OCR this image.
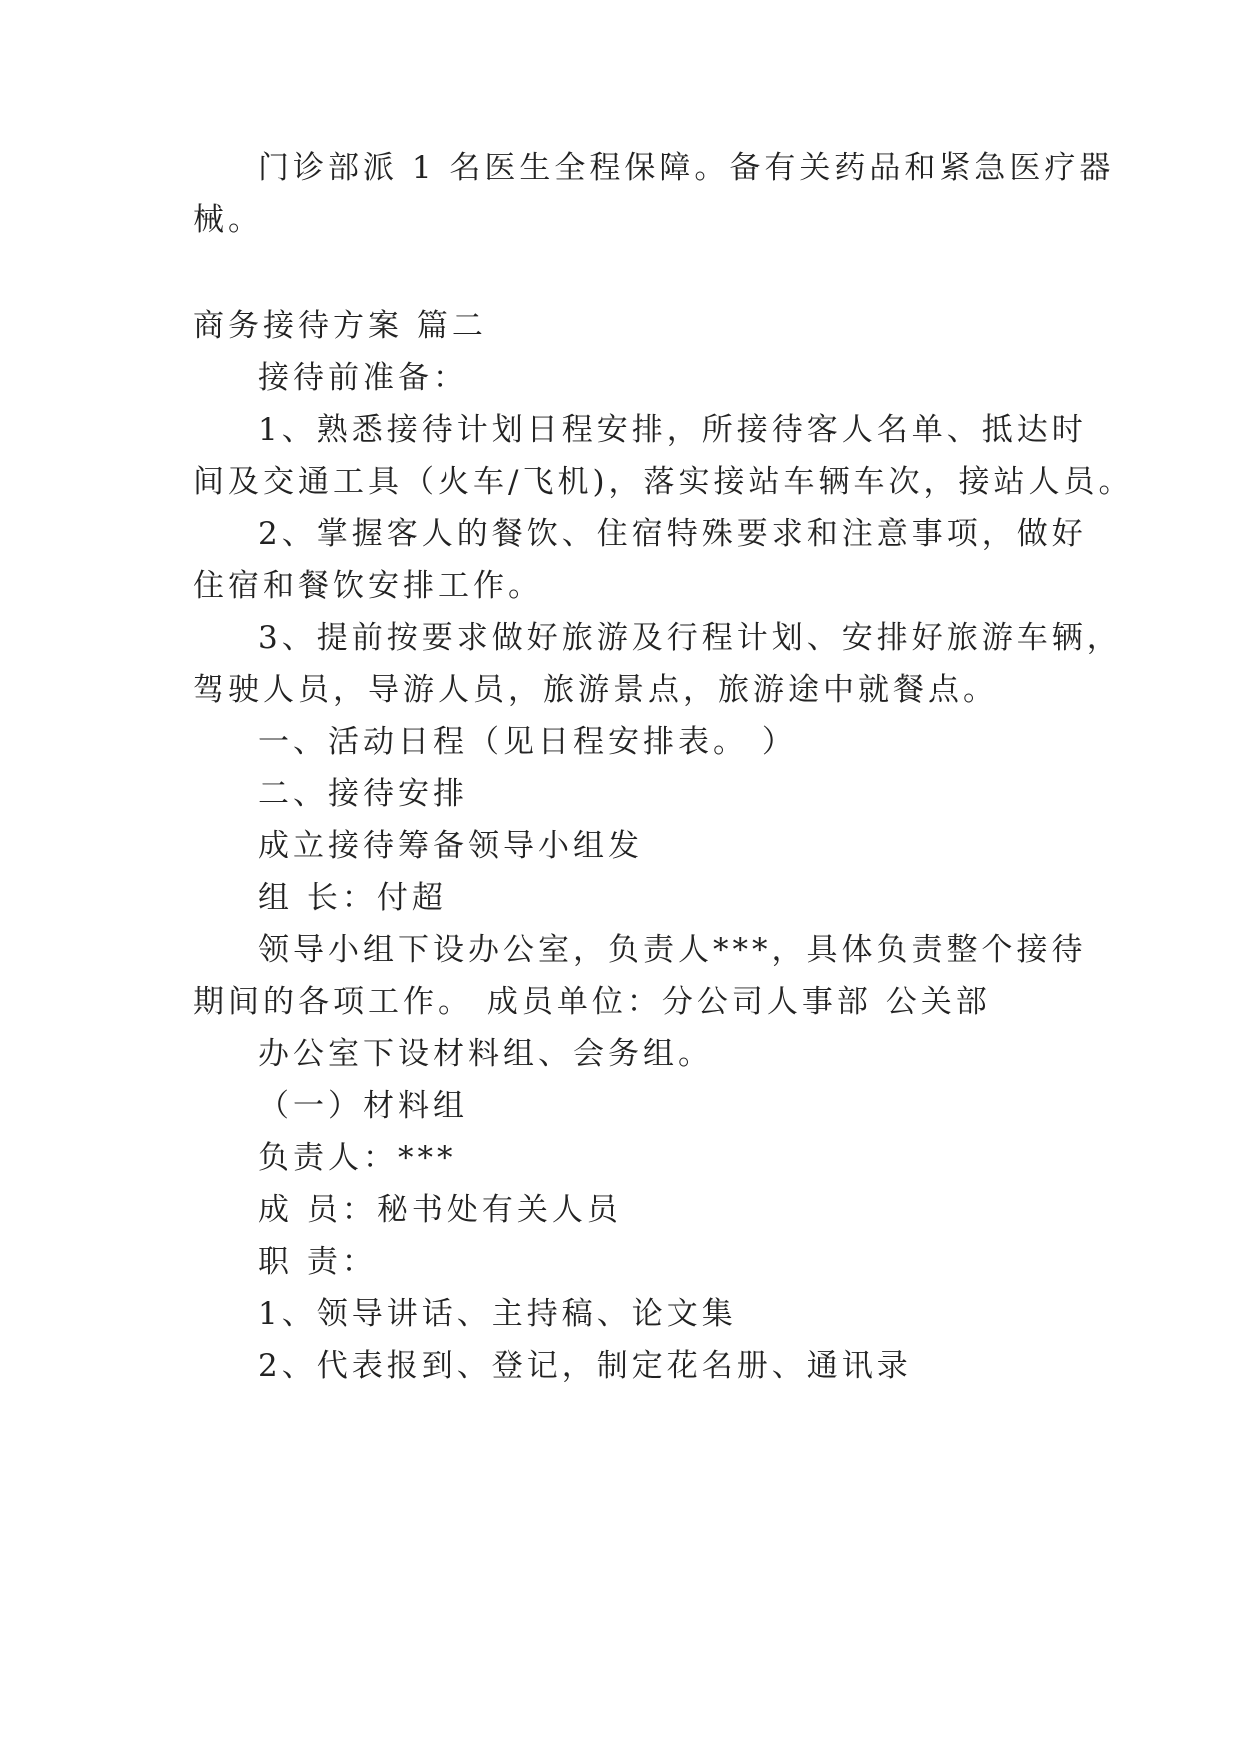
门诊部派 1 名医生全程保障。备有关药品和紧急医疗器
械。
商务接待方案 篇二
接待前准备：
1、熟悉接待计划日程安排，所接待客人名单、抵达时
间及交通工具（火车/飞机)，落实接站车辆车次，接站人员。
2、掌握客人的餐饮、住宿特殊要求和注意事项，做好
住宿和餐饮安排工作。
3、提前按要求做好旅游及行程计划、安排好旅游车辆，
驾驶人员，导游人员，旅游景点，旅游途中就餐点。
一、活动日程（见日程安排表。 ）
二、接待安排
成立接待筹备领导小组发
组 长：付超
领导小组下设办公室，负责人***，具体负责整个接待
期间的各项工作。 成员单位：分公司人事部 公关部
办公室下设材料组、会务组。
（一）材料组
负责人：***
成 员：秘书处有关人员
职 责：
1、领导讲话、主持稿、论文集
2、代表报到、登记，制定花名册、通讯录
